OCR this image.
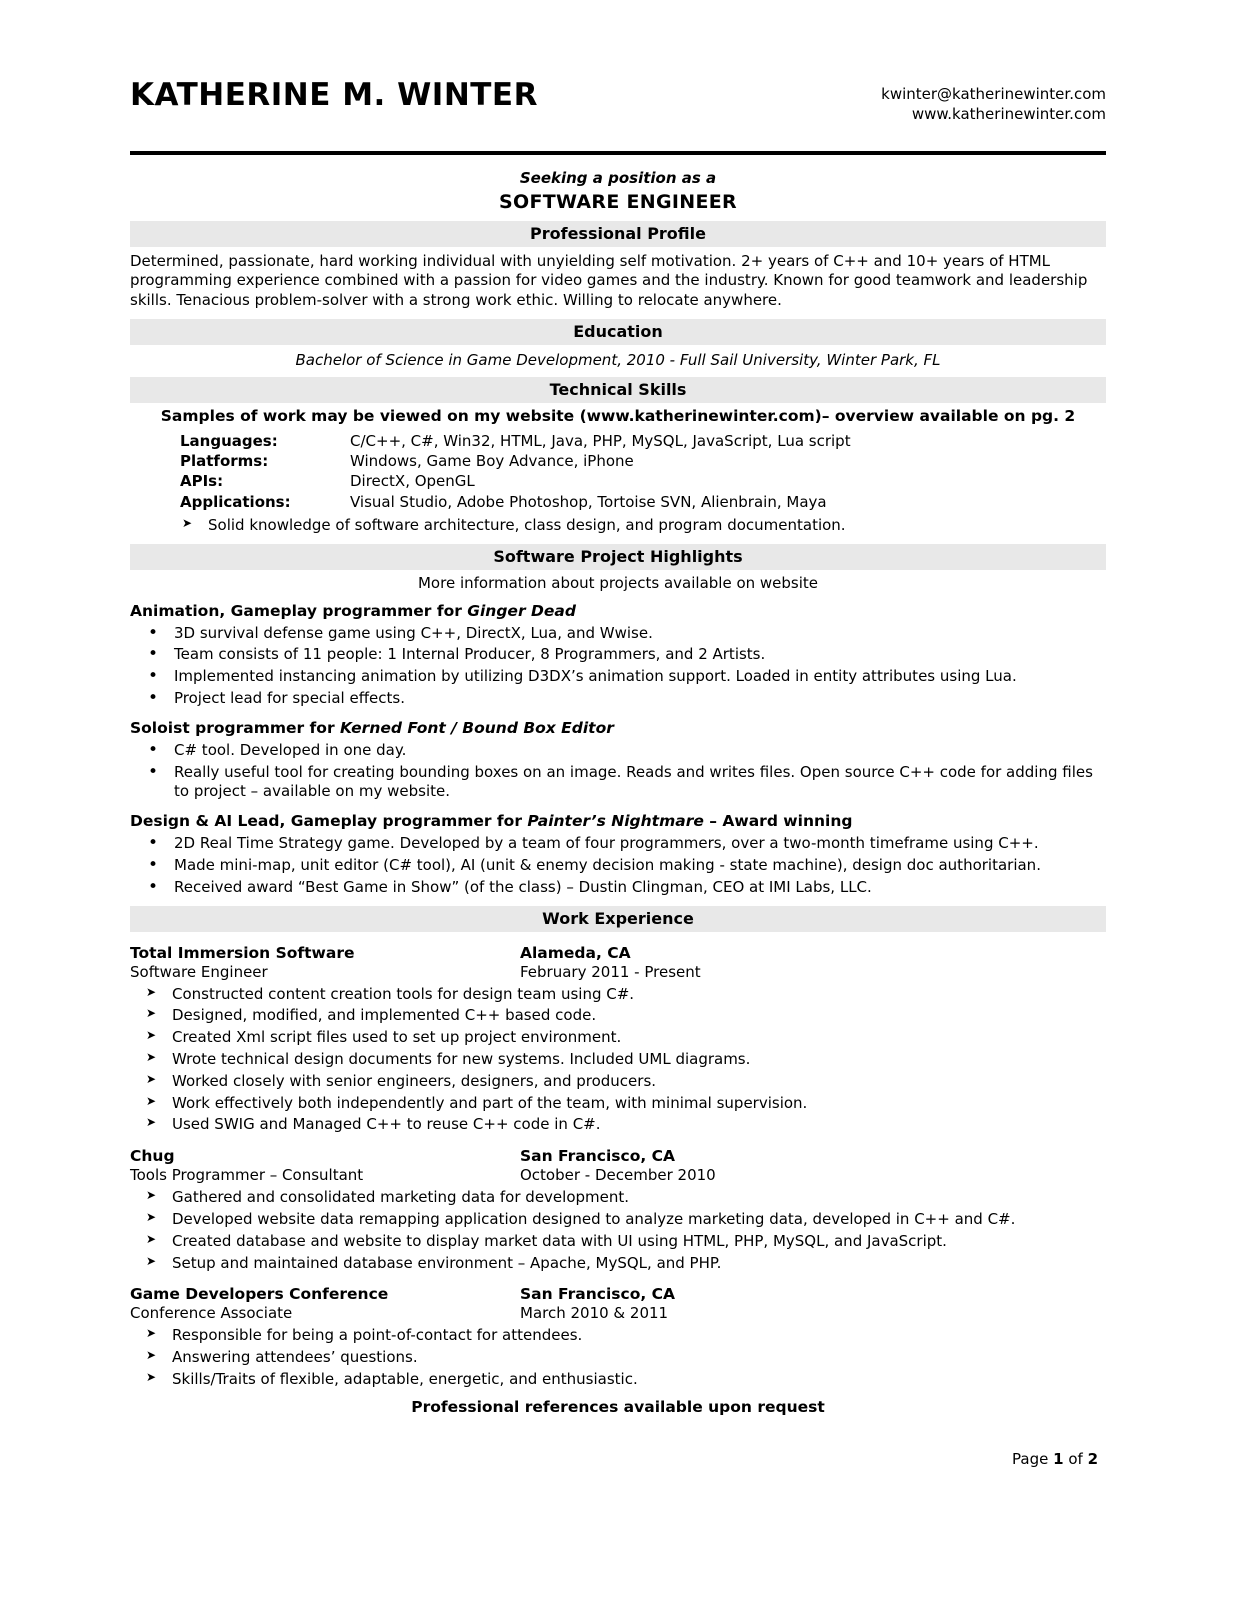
KATHERINE M. WINTER	kwinter@katherinewinter.com
www.katherinewinter.com
Seeking a position as a
SOFTWARE ENGINEER
Professional Profile
Determined, passionate, hard working individual with unyielding self motivation. 2+ years of C++ and 10+ years of HTML programming experience combined with a passion for video games and the industry. Known for good teamwork and leadership skills. Tenacious problem-solver with a strong work ethic. Willing to relocate anywhere.
Education
Bachelor of Science in Game Development, 2010 - Full Sail University, Winter Park, FL
Technical Skills
Samples of work may be viewed on my website (www.katherinewinter.com)– overview available on pg. 2
Languages:	C/C++, C#, Win32, HTML, Java, PHP, MySQL, JavaScript, Lua script
Platforms:	Windows, Game Boy Advance, iPhone
APIs:	DirectX, OpenGL
Applications:	Visual Studio, Adobe Photoshop, Tortoise SVN, Alienbrain, Maya
➤ Solid knowledge of software architecture, class design, and program documentation.
Software Project Highlights
More information about projects available on website
Animation, Gameplay programmer for Ginger Dead
• 3D survival defense game using C++, DirectX, Lua, and Wwise.
• Team consists of 11 people: 1 Internal Producer, 8 Programmers, and 2 Artists.
• Implemented instancing animation by utilizing D3DX’s animation support. Loaded in entity attributes using Lua.
• Project lead for special effects.
Soloist programmer for Kerned Font / Bound Box Editor
• C# tool. Developed in one day.
• Really useful tool for creating bounding boxes on an image. Reads and writes files. Open source C++ code for adding files to project – available on my website.
Design & AI Lead, Gameplay programmer for Painter’s Nightmare – Award winning
• 2D Real Time Strategy game. Developed by a team of four programmers, over a two-month timeframe using C++.
• Made mini-map, unit editor (C# tool), AI (unit & enemy decision making - state machine), design doc authoritarian.
• Received award “Best Game in Show” (of the class) – Dustin Clingman, CEO at IMI Labs, LLC.
Work Experience
Total Immersion Software	Alameda, CA
Software Engineer	February 2011 - Present
➤ Constructed content creation tools for design team using C#.
➤ Designed, modified, and implemented C++ based code.
➤ Created Xml script files used to set up project environment.
➤ Wrote technical design documents for new systems. Included UML diagrams.
➤ Worked closely with senior engineers, designers, and producers.
➤ Work effectively both independently and part of the team, with minimal supervision.
➤ Used SWIG and Managed C++ to reuse C++ code in C#.
Chug	San Francisco, CA
Tools Programmer – Consultant	October - December 2010
➤ Gathered and consolidated marketing data for development.
➤ Developed website data remapping application designed to analyze marketing data, developed in C++ and C#.
➤ Created database and website to display market data with UI using HTML, PHP, MySQL, and JavaScript.
➤ Setup and maintained database environment – Apache, MySQL, and PHP.
Game Developers Conference	San Francisco, CA
Conference Associate	March 2010 & 2011
➤ Responsible for being a point-of-contact for attendees.
➤ Answering attendees’ questions.
➤ Skills/Traits of flexible, adaptable, energetic, and enthusiastic.
Professional references available upon request
Page 1 of 2
